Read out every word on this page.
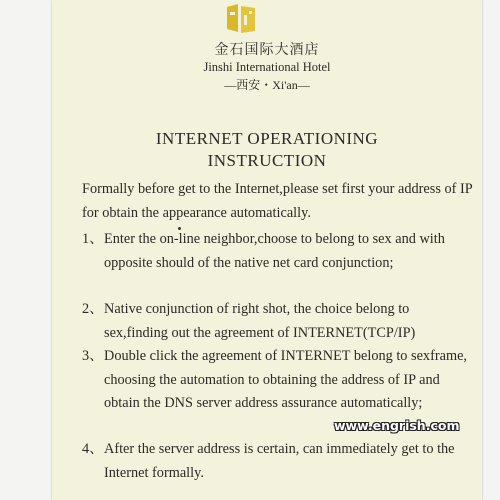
金石国际大酒店
Jinshi International Hotel
—西安・Xi'an—
INTERNET OPERATIONING
INSTRUCTION
Formally before get to the Internet,please set first your address of IP for obtain the appearance automatically.
1、 Enter the on-line neighbor,choose to belong to sex and with opposite should of the native net card conjunction;
2、 Native conjunction of right shot, the choice belong to sex,finding out the agreement of INTERNET(TCP/IP)
3、 Double click the agreement of INTERNET belong to sexframe, choosing the automation to obtaining the address of IP and obtain the DNS server address assurance automatically;
4、 After the server address is certain, can immediately get to the Internet formally.
www.engrish.com
